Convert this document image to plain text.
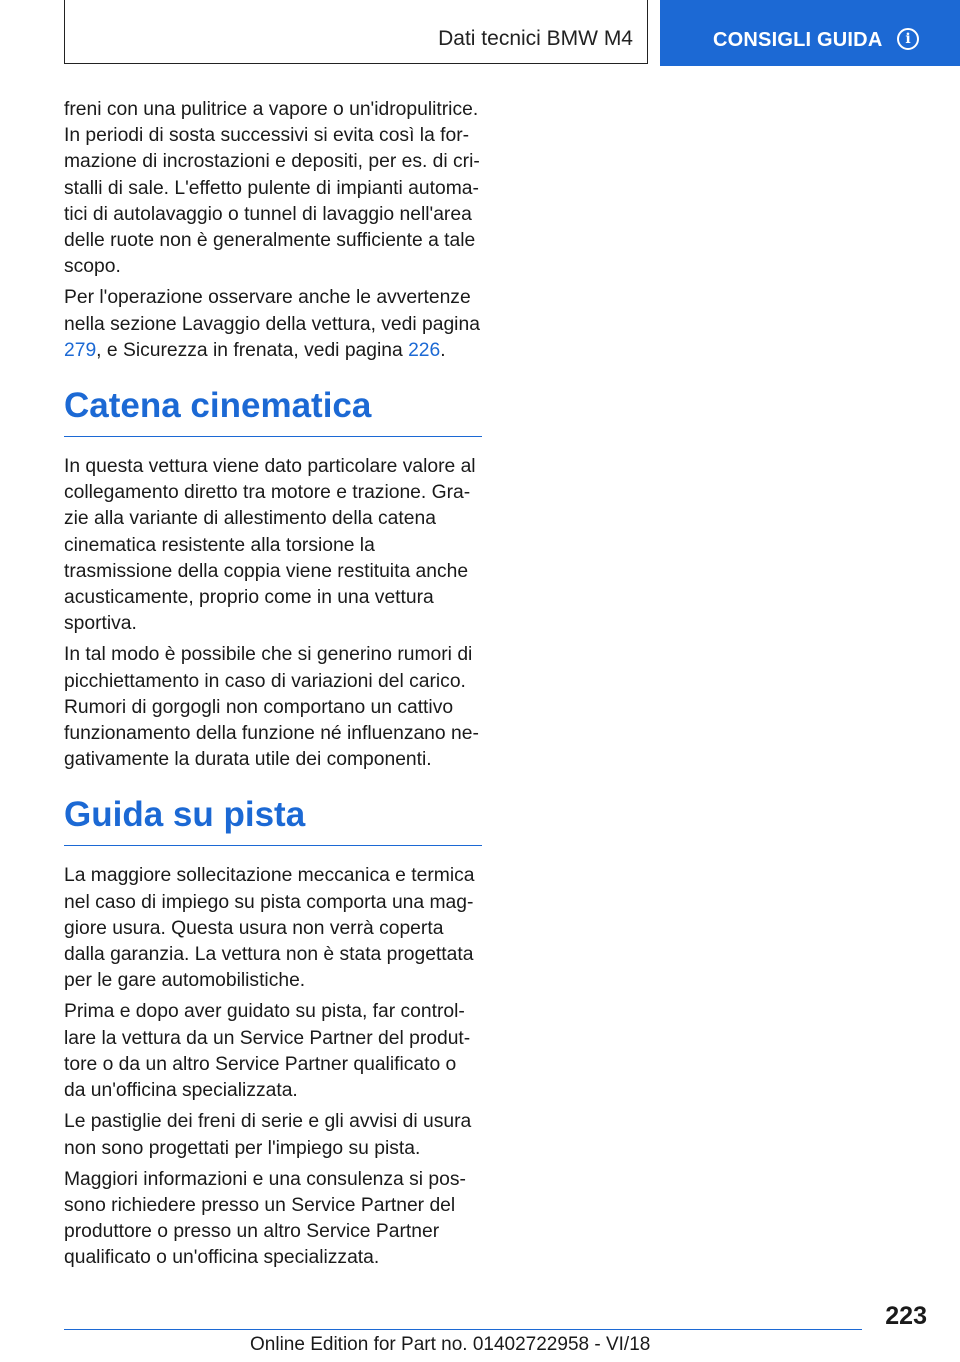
Dati tecnici BMW M4	CONSIGLI GUIDA	i

freni con una pulitrice a vapore o un'idropulitrice. In periodi di sosta successivi si evita così la formazione di incrostazioni e depositi, per es. di cristalli di sale. L'effetto pulente di impianti automatici di autolavaggio o tunnel di lavaggio nell'area delle ruote non è generalmente sufficiente a tale scopo.

Per l'operazione osservare anche le avvertenze nella sezione Lavaggio della vettura, vedi pagina 279, e Sicurezza in frenata, vedi pagina 226.

Catena cinematica

In questa vettura viene dato particolare valore al collegamento diretto tra motore e trazione. Grazie alla variante di allestimento della catena cinematica resistente alla torsione la trasmissione della coppia viene restituita anche acusticamente, proprio come in una vettura sportiva.

In tal modo è possibile che si generino rumori di picchiettamento in caso di variazioni del carico. Rumori di gorgogli non comportano un cattivo funzionamento della funzione né influenzano negativamente la durata utile dei componenti.

Guida su pista

La maggiore sollecitazione meccanica e termica nel caso di impiego su pista comporta una maggiore usura. Questa usura non verrà coperta dalla garanzia. La vettura non è stata progettata per le gare automobilistiche.

Prima e dopo aver guidato su pista, far controllare la vettura da un Service Partner del produttore o da un altro Service Partner qualificato o da un'officina specializzata.

Le pastiglie dei freni di serie e gli avvisi di usura non sono progettati per l'impiego su pista.

Maggiori informazioni e una consulenza si possono richiedere presso un Service Partner del produttore o presso un altro Service Partner qualificato o un'officina specializzata.

223
Online Edition for Part no. 01402722958 - VI/18
